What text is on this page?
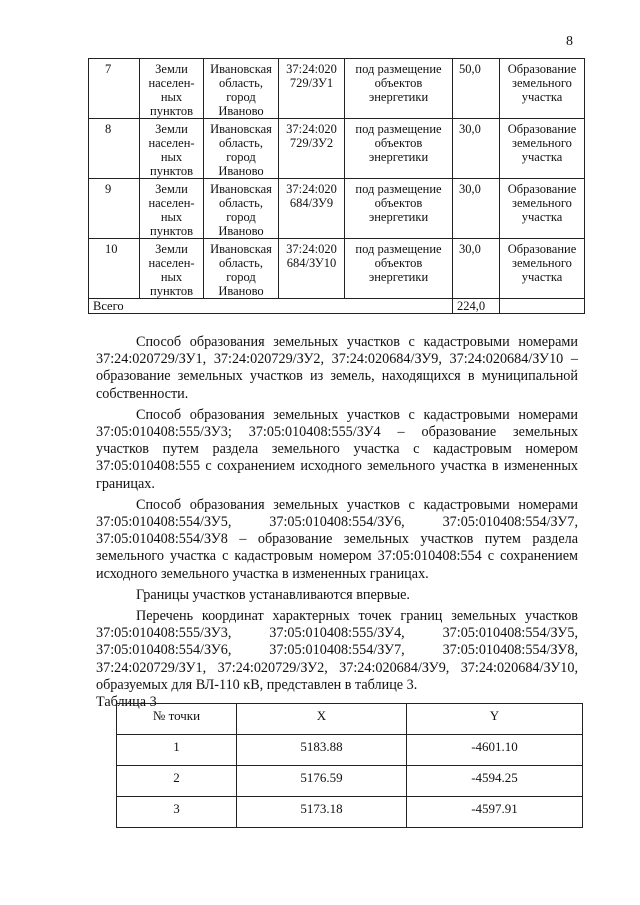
8
7	Земли населен-ных пунктов	Ивановская область, город Иваново	37:24:020 729/ЗУ1	под размещение объектов энергетики	50,0	Образование земельного участка
8	Земли населен-ных пунктов	Ивановская область, город Иваново	37:24:020 729/ЗУ2	под размещение объектов энергетики	30,0	Образование земельного участка
9	Земли населен-ных пунктов	Ивановская область, город Иваново	37:24:020 684/ЗУ9	под размещение объектов энергетики	30,0	Образование земельного участка
10	Земли населен-ных пунктов	Ивановская область, город Иваново	37:24:020 684/ЗУ10	под размещение объектов энергетики	30,0	Образование земельного участка
Всего					224,0	

Способ образования земельных участков с кадастровыми номерами 37:24:020729/ЗУ1, 37:24:020729/ЗУ2, 37:24:020684/ЗУ9, 37:24:020684/ЗУ10 – образование земельных участков из земель, находящихся в муниципальной собственности.

Способ образования земельных участков с кадастровыми номерами 37:05:010408:555/ЗУ3; 37:05:010408:555/ЗУ4 – образование земельных участков путем раздела земельного участка с кадастровым номером 37:05:010408:555 с сохранением исходного земельного участка в измененных границах.

Способ образования земельных участков с кадастровыми номерами 37:05:010408:554/ЗУ5, 37:05:010408:554/ЗУ6, 37:05:010408:554/ЗУ7, 37:05:010408:554/ЗУ8 – образование земельных участков путем раздела земельного участка с кадастровым номером 37:05:010408:554 с сохранением исходного земельного участка в измененных границах.

Границы участков устанавливаются впервые.

Перечень координат характерных точек границ земельных участков 37:05:010408:555/ЗУ3, 37:05:010408:555/ЗУ4, 37:05:010408:554/ЗУ5, 37:05:010408:554/ЗУ6, 37:05:010408:554/ЗУ7, 37:05:010408:554/ЗУ8, 37:24:020729/ЗУ1, 37:24:020729/ЗУ2, 37:24:020684/ЗУ9, 37:24:020684/ЗУ10, образуемых для ВЛ-110 кВ, представлен в таблице 3.

Таблица 3

№ точки	X	Y
1	5183.88	-4601.10
2	5176.59	-4594.25
3	5173.18	-4597.91
